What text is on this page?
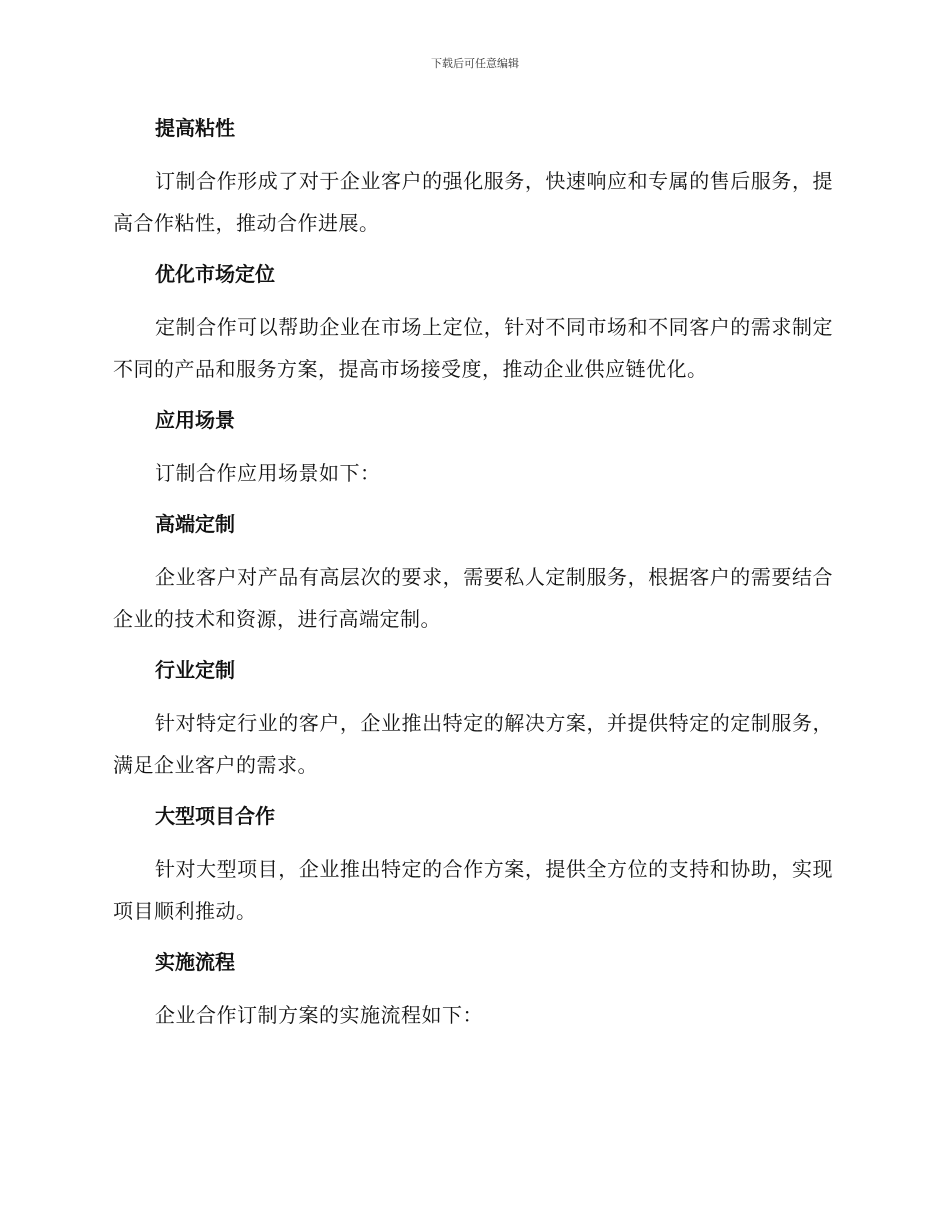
下载后可任意编辑
提高粘性
订制合作形成了对于企业客户的强化服务，快速响应和专属的售后服务，提高合作粘性，推动合作进展。
优化市场定位
定制合作可以帮助企业在市场上定位，针对不同市场和不同客户的需求制定不同的产品和服务方案，提高市场接受度，推动企业供应链优化。
应用场景
订制合作应用场景如下：
高端定制
企业客户对产品有高层次的要求，需要私人定制服务，根据客户的需要结合企业的技术和资源，进行高端定制。
行业定制
针对特定行业的客户，企业推出特定的解决方案，并提供特定的定制服务，满足企业客户的需求。
大型项目合作
针对大型项目，企业推出特定的合作方案，提供全方位的支持和协助，实现项目顺利推动。
实施流程
企业合作订制方案的实施流程如下：
